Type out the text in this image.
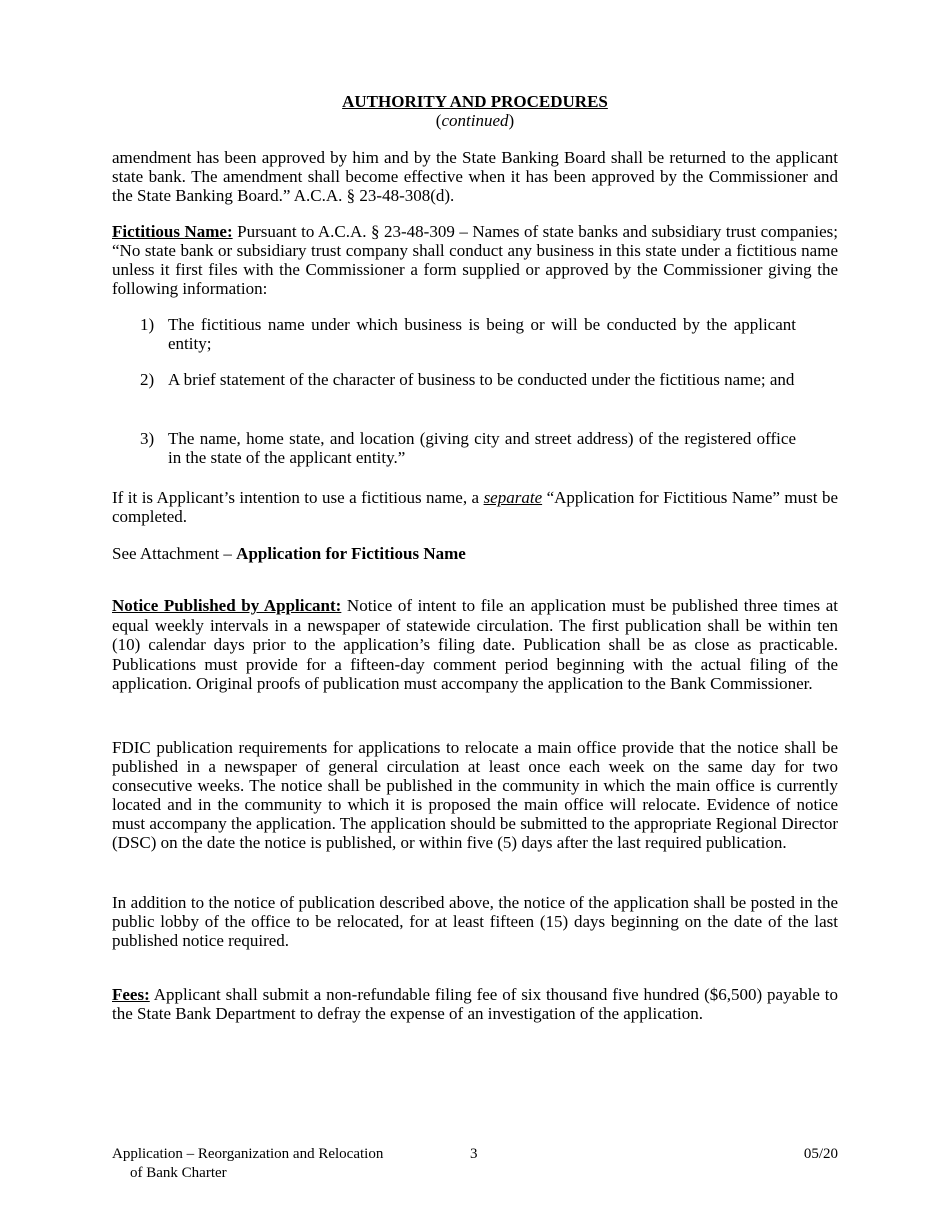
AUTHORITY AND PROCEDURES
(continued)

amendment has been approved by him and by the State Banking Board shall be returned to the applicant state bank. The amendment shall become effective when it has been approved by the Commissioner and the State Banking Board.” A.C.A. § 23-48-308(d).

Fictitious Name: Pursuant to A.C.A. § 23-48-309 – Names of state banks and subsidiary trust companies; “No state bank or subsidiary trust company shall conduct any business in this state under a fictitious name unless it first files with the Commissioner a form supplied or approved by the Commissioner giving the following information:

1) The fictitious name under which business is being or will be conducted by the applicant entity;

2) A brief statement of the character of business to be conducted under the fictitious name; and

3) The name, home state, and location (giving city and street address) of the registered office in the state of the applicant entity.”

If it is Applicant’s intention to use a fictitious name, a separate “Application for Fictitious Name” must be completed.

See Attachment – Application for Fictitious Name

Notice Published by Applicant: Notice of intent to file an application must be published three times at equal weekly intervals in a newspaper of statewide circulation. The first publication shall be within ten (10) calendar days prior to the application’s filing date. Publication shall be as close as practicable. Publications must provide for a fifteen-day comment period beginning with the actual filing of the application. Original proofs of publication must accompany the application to the Bank Commissioner.

FDIC publication requirements for applications to relocate a main office provide that the notice shall be published in a newspaper of general circulation at least once each week on the same day for two consecutive weeks. The notice shall be published in the community in which the main office is currently located and in the community to which it is proposed the main office will relocate. Evidence of notice must accompany the application. The application should be submitted to the appropriate Regional Director (DSC) on the date the notice is published, or within five (5) days after the last required publication.

In addition to the notice of publication described above, the notice of the application shall be posted in the public lobby of the office to be relocated, for at least fifteen (15) days beginning on the date of the last published notice required.

Fees: Applicant shall submit a non-refundable filing fee of six thousand five hundred ($6,500) payable to the State Bank Department to defray the expense of an investigation of the application.

Application – Reorganization and Relocation
of Bank Charter
3	05/20
